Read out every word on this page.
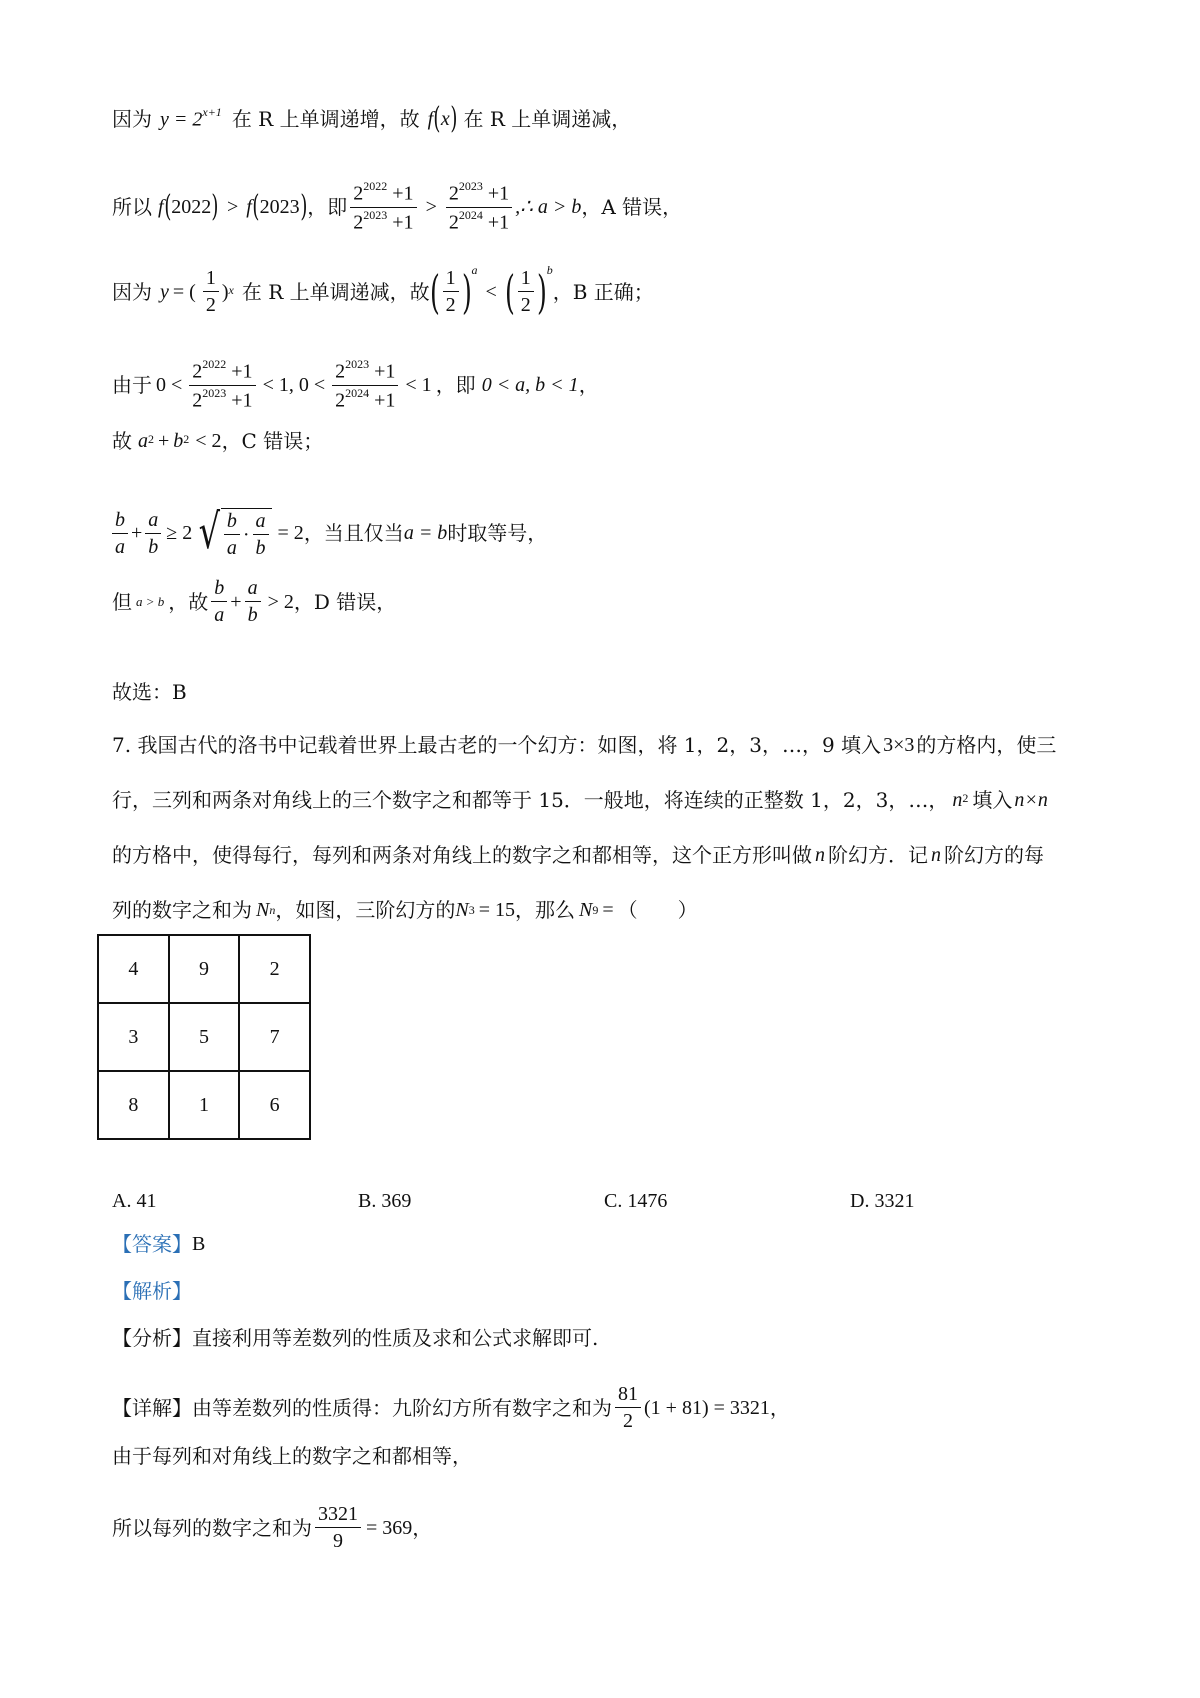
因为 $y = 2^{x+1}$ 在 R 上单调递增，故 f ( x ) 在 R 上单调递减，
所以 f ( 2022 ) > f ( 2023 ) ，即 $\frac{2^{2022} +1}{2^{2023} +1} > \frac{2^{2023} +1}{2^{2024} +1}$ ,∴ a > b ，A 错误，
因为 y = ( $\frac{1}{2} )^x$ 在 R 上单调递减，故 ( $\frac{1}{2} )^a$
< ( $\frac{1}{2} )^b$
，B 正确；
由于 $0 < \frac{2^{2022} +1}{2^{2023} +1} < 1$, $0 < \frac{2^{2023} +1}{2^{2024} +1} < 1$ ，即 0 < a, b < 1 ，
故 $a^2 + b^2 < 2$ ，C 错误；
$\frac{b}{a} + \frac{a}{b} \ge 2$ √ $\frac{b}{a} \cdot \frac{a}{b} = 2$ ，当且仅当 a = b 时取等号，
但 a > b ，故 $\frac{b}{a} + \frac{a}{b} > 2$ ，D 错误，
故选：B
7. 我国古代的洛书中记载着世界上最古老的一个幻方：如图，将 1，2，3，…，9 填入 3×3 的方格内，使三
行，三列和两条对角线上的三个数字之和都等于 15．一般地，将连续的正整数 1，2，3，…， $n^2$ 填入 n×n
的方格中，使得每行，每列和两条对角线上的数字之和都相等，这个正方形叫做 n 阶幻方．记 n 阶幻方的每
列的数字之和为 N n ，如图，三阶幻方的 N 3 = 15 ，那么 N 9 = （　　）
4	9	2
3	5	7
8	1	6
A. 41	B. 369	C. 1476	D. 3321
【答案】 B
【解析】
【分析】直接利用等差数列的性质及求和公式求解即可.
【详解】 由等差数列的性质得：九阶幻方所有数字之和为 $\frac{81}{2} (1 + 81) = 3321$ ，
由于每列和对角线上的数字之和都相等，
所以每列的数字之和为 $\frac{3321}{9} = 369$ ，
